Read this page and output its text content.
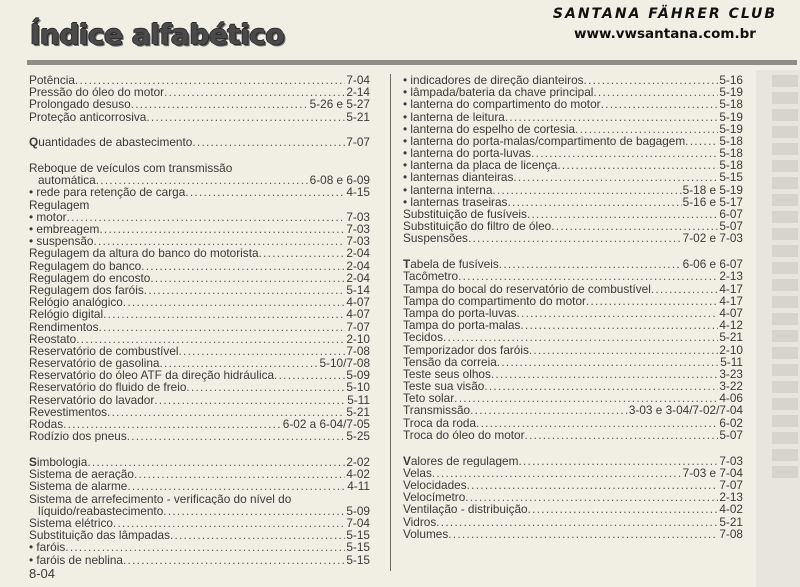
Índice alfabético
SANTANA FÄHRER CLUB
www.vwsantana.com.br
Potência . . .	7-04
Pressão do óleo do motor . . .	2-14
Prolongado desuso . . .	5-26 e 5-27
Proteção anticorrosiva . . .	5-21
Quantidades de abastecimento . . .	7-07
Reboque de veículos com transmissão
automática . . .	6-08 e 6-09
• rede para retenção de carga . . .	4-15
Regulagem
• motor . . .	7-03
• embreagem . . .	7-03
• suspensão . . .	7-03
Regulagem da altura do banco do motorista . . .	2-04
Regulagem do banco . . .	2-04
Regulagem do encosto . . .	2-04
Regulagem dos faróis . . .	5-14
Relógio analógico . . .	4-07
Relógio digital . . .	4-07
Rendimentos . . .	7-07
Reostato . . .	2-10
Reservatório de combustível . . .	7-08
Reservatório de gasolina . . .	5-10/7-08
Reservatório do óleo ATF da direção hidráulica . . .	5-09
Reservatório do fluido de freio . . .	5-10
Reservatório do lavador . . .	5-11
Revestimentos . . .	5-21
Rodas . . .	6-02 a 6-04/7-05
Rodízio dos pneus . . .	5-25
Simbologia . . .	2-02
Sistema de aeração . . .	4-02
Sistema de alarme . . .	4-11
Sistema de arrefecimento - verificação do nível do
líquido/reabastecimento . . .	5-09
Sistema elétrico . . .	7-04
Substituição das lâmpadas . . .	5-15
• faróis . . .	5-15
• faróis de neblina . . .	5-15
• indicadores de direção dianteiros . . .	5-16
• lâmpada/bateria da chave principal . . .	5-19
• lanterna do compartimento do motor . . .	5-18
• lanterna de leitura . . .	5-19
• lanterna do espelho de cortesia . . .	5-19
• lanterna do porta-malas/compartimento de bagagem . . .	5-18
• lanterna do porta-luvas . . .	5-18
• lanterna da placa de licença . . .	5-18
• lanternas dianteiras . . .	5-15
• lanterna interna . . .	5-18 e 5-19
• lanternas traseiras . . .	5-16 e 5-17
Substituição de fusíveis . . .	6-07
Substituição do filtro de óleo . . .	5-07
Suspensões . . .	7-02 e 7-03
Tabela de fusíveis . . .	6-06 e 6-07
Tacômetro . . .	2-13
Tampa do bocal do reservatório de combustível . . .	4-17
Tampa do compartimento do motor . . .	4-17
Tampa do porta-luvas . . .	4-07
Tampa do porta-malas . . .	4-12
Tecidos . . .	5-21
Temporizador dos faróis . . .	2-10
Tensão da correia . . .	5-11
Teste seus olhos . . .	3-23
Teste sua visão . . .	3-22
Teto solar . . .	4-06
Transmissão . . .	3-03 e 3-04/7-02/7-04
Troca da roda . . .	6-02
Troca do óleo do motor . . .	5-07
Valores de regulagem . . .	7-03
Velas . . .	7-03 e 7-04
Velocidades . . .	7-07
Velocímetro . . .	2-13
Ventilação - distribuição . . .	4-02
Vidros . . .	5-21
Volumes . . .	7-08
8-04
